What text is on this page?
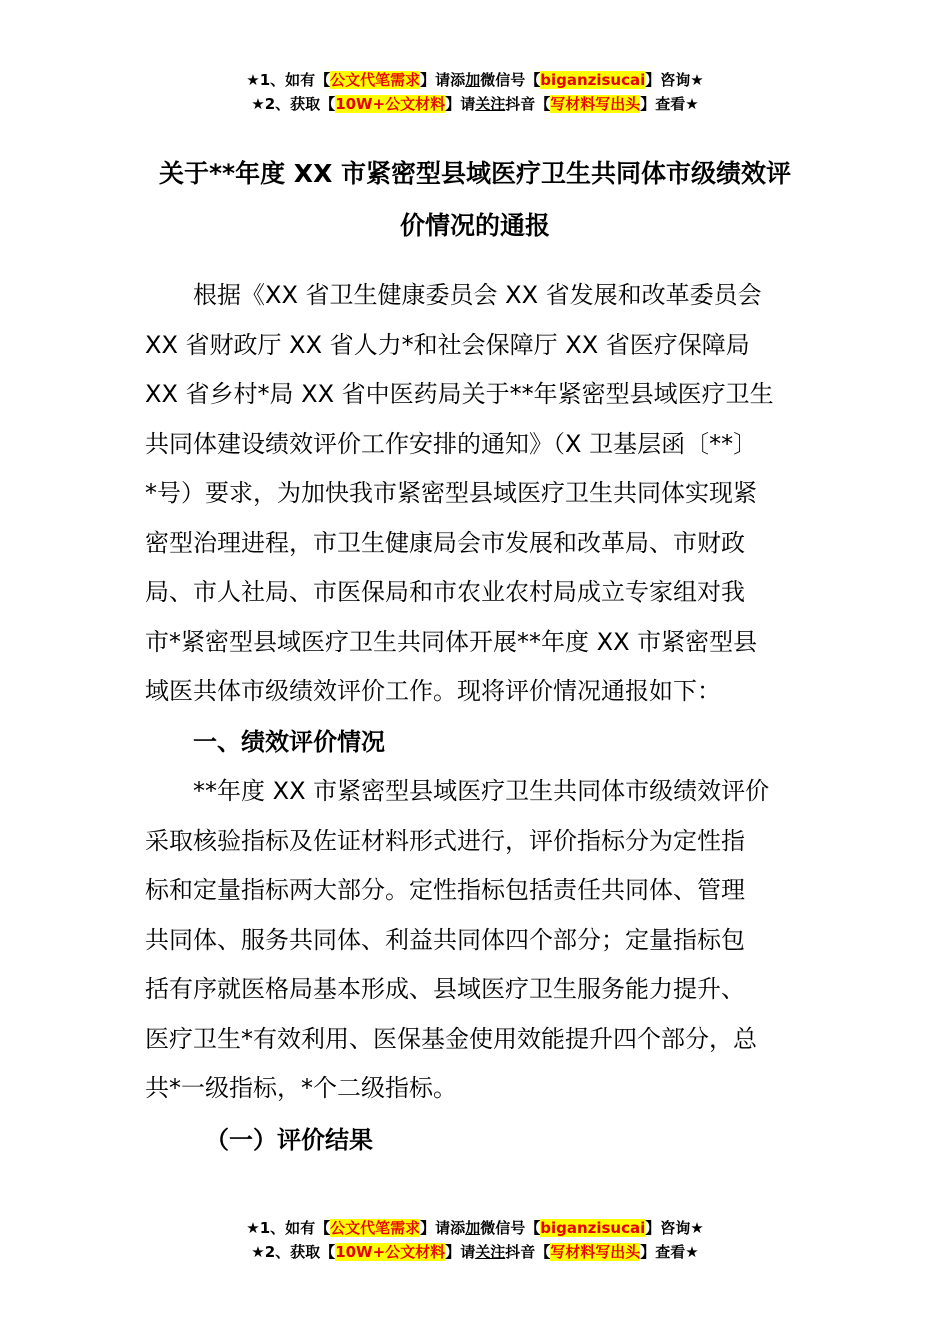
★1、如有【公文代笔需求】请添加微信号【biganzisucai】咨询★
★2、获取【10W+公文材料】请关注抖音【写材料写出头】查看★
关于**年度 XX 市紧密型县域医疗卫生共同体市级绩效评
价情况的通报
根据《XX 省卫生健康委员会 XX 省发展和改革委员会
XX 省财政厅 XX 省人力*和社会保障厅 XX 省医疗保障局
XX 省乡村*局 XX 省中医药局关于**年紧密型县域医疗卫生
共同体建设绩效评价工作安排的通知》（X 卫基层函〔**〕
*号）要求，为加快我市紧密型县域医疗卫生共同体实现紧
密型治理进程，市卫生健康局会市发展和改革局、市财政
局、市人社局、市医保局和市农业农村局成立专家组对我
市*紧密型县域医疗卫生共同体开展**年度 XX 市紧密型县
域医共体市级绩效评价工作。现将评价情况通报如下：
一、绩效评价情况
**年度 XX 市紧密型县域医疗卫生共同体市级绩效评价
采取核验指标及佐证材料形式进行，评价指标分为定性指
标和定量指标两大部分。定性指标包括责任共同体、管理
共同体、服务共同体、利益共同体四个部分；定量指标包
括有序就医格局基本形成、县域医疗卫生服务能力提升、
医疗卫生*有效利用、医保基金使用效能提升四个部分，总
共*一级指标，*个二级指标。
（一）评价结果
★1、如有【公文代笔需求】请添加微信号【biganzisucai】咨询★
★2、获取【10W+公文材料】请关注抖音【写材料写出头】查看★
